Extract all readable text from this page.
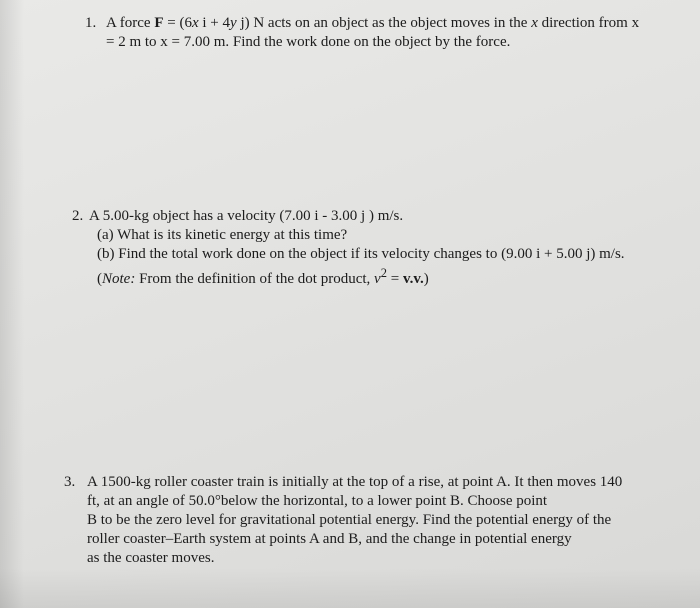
1. A force F = (6x i + 4y j) N acts on an object as the object moves in the x direction from x
= 2 m to x = 7.00 m. Find the work done on the object by the force.
2. A 5.00-kg object has a velocity (7.00 i - 3.00 j ) m/s.
(a) What is its kinetic energy at this time?
(b) Find the total work done on the object if its velocity changes to (9.00 i + 5.00 j) m/s.
(Note: From the definition of the dot product, $v^2 = v.v$.)
3. A 1500-kg roller coaster train is initially at the top of a rise, at point A. It then moves 140
ft, at an angle of 50.0°below the horizontal, to a lower point B. Choose point
B to be the zero level for gravitational potential energy. Find the potential energy of the
roller coaster–Earth system at points A and B, and the change in potential energy
as the coaster moves.
